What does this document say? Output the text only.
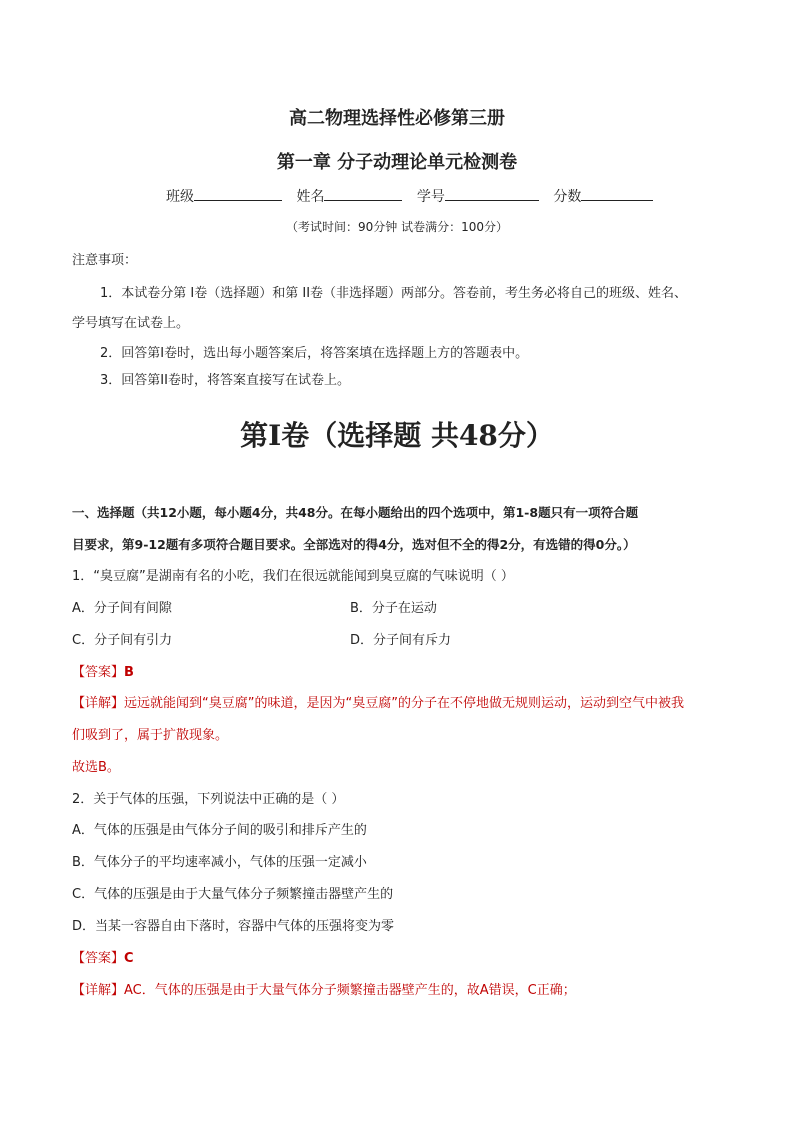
高二物理选择性必修第三册
第一章 分子动理论单元检测卷
班级	姓名	学号	分数
（考试时间：90分钟 试卷满分：100分）
注意事项：
1．本试卷分第 I卷（选择题）和第 II卷（非选择题）两部分。答卷前，考生务必将自己的班级、姓名、
学号填写在试卷上。
2．回答第I卷时，选出每小题答案后，将答案填在选择题上方的答题表中。
3．回答第II卷时，将答案直接写在试卷上。
第Ⅰ卷（选择题 共48分）
一、选择题（共12小题，每小题4分，共48分。在每小题给出的四个选项中，第1-8题只有一项符合题
目要求，第9-12题有多项符合题目要求。全部选对的得4分，选对但不全的得2分，有选错的得0分。）
1．“臭豆腐”是湖南有名的小吃，我们在很远就能闻到臭豆腐的气味说明（ ）
A．分子间有间隙	B．分子在运动
C．分子间有引力	D．分子间有斥力
【答案】B
【详解】远远就能闻到“臭豆腐”的味道，是因为“臭豆腐”的分子在不停地做无规则运动，运动到空气中被我
们吸到了，属于扩散现象。
故选B。
2．关于气体的压强，下列说法中正确的是（ ）
A．气体的压强是由气体分子间的吸引和排斥产生的
B．气体分子的平均速率减小，气体的压强一定减小
C．气体的压强是由于大量气体分子频繁撞击器壁产生的
D．当某一容器自由下落时，容器中气体的压强将变为零
【答案】C
【详解】AC．气体的压强是由于大量气体分子频繁撞击器壁产生的，故A错误，C正确；
